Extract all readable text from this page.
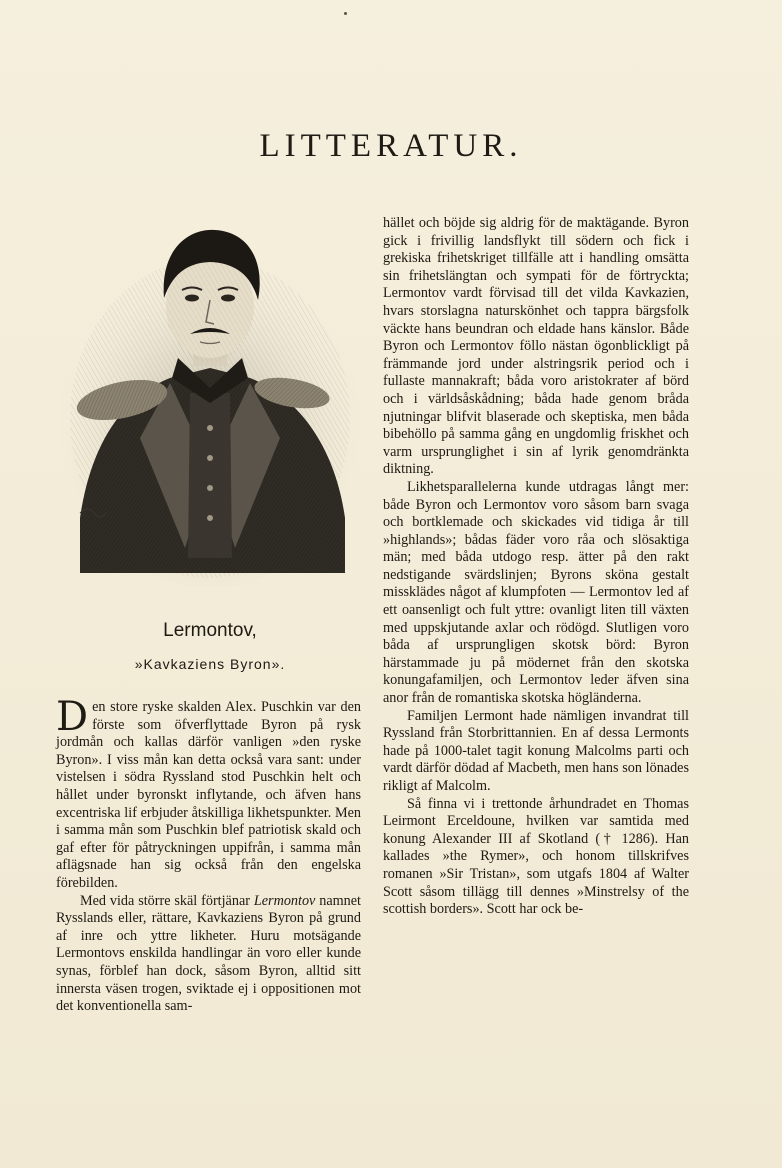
LITTERATUR.
Lermontov,
»Kavkaziens Byron».

Den store ryske skalden Alex. Puschkin var den förste som öfverflyttade Byron på rysk jordmån och kallas därför vanligen »den ryske Byron». I viss mån kan detta också vara sant: under vistelsen i södra Ryssland stod Puschkin helt och hållet under byronskt inflytande, och äfven hans excentriska lif erbjuder åtskilliga likhetspunkter. Men i samma mån som Puschkin blef patriotisk skald och gaf efter för påtryckningen uppifrån, i samma mån aflägsnade han sig också från den engelska förebilden.

Med vida större skäl förtjänar Lermontov namnet Rysslands eller, rättare, Kavkaziens Byron på grund af inre och yttre likheter. Huru motsägande Lermontovs enskilda handlingar än voro eller kunde synas, förblef han dock, såsom Byron, alltid sitt innersta väsen trogen, sviktade ej i oppositionen mot det konventionella sam-

hället och böjde sig aldrig för de maktägande. Byron gick i frivillig landsflykt till södern och fick i grekiska frihetskriget tillfälle att i handling omsätta sin frihetslängtan och sympati för de förtryckta; Lermontov vardt förvisad till det vilda Kavkazien, hvars storslagna naturskönhet och tappra bärgsfolk väckte hans beundran och eldade hans känslor. Både Byron och Lermontov föllo nästan ögonblickligt på främmande jord under alstringsrik period och i fullaste mannakraft; båda voro aristokrater af börd och i världsåskådning; båda hade genom bråda njutningar blifvit blaserade och skeptiska, men båda bibehöllo på samma gång en ungdomlig friskhet och varm ursprunglighet i sin af lyrik genomdränkta diktning.

Likhetsparallelerna kunde utdragas långt mer: både Byron och Lermontov voro såsom barn svaga och bortklemade och skickades vid tidiga år till »highlands»; bådas fäder voro råa och slösaktiga män; med båda utdogo resp. ätter på den rakt nedstigande svärdslinjen; Byrons sköna gestalt missklädes något af klumpfoten — Lermontov led af ett oansenligt och fult yttre: ovanligt liten till växten med uppskjutande axlar och rödögd. Slutligen voro båda af ursprungligen skotsk börd: Byron härstammade ju på mödernet från den skotska konungafamiljen, och Lermontov leder äfven sina anor från de romantiska skotska högländerna.

Familjen Lermont hade nämligen invandrat till Ryssland från Storbrittannien. En af dessa Lermonts hade på 1000-talet tagit konung Malcolms parti och vardt därför dödad af Macbeth, men hans son lönades rikligt af Malcolm.

Så finna vi i trettonde århundradet en Thomas Leirmont Erceldoune, hvilken var samtida med konung Alexander III af Skotland († 1286). Han kallades »the Rymer», och honom tillskrifves romanen »Sir Tristan», som utgafs 1804 af Walter Scott såsom tillägg till dennes »Minstrelsy of the scottish borders». Scott har ock be-
